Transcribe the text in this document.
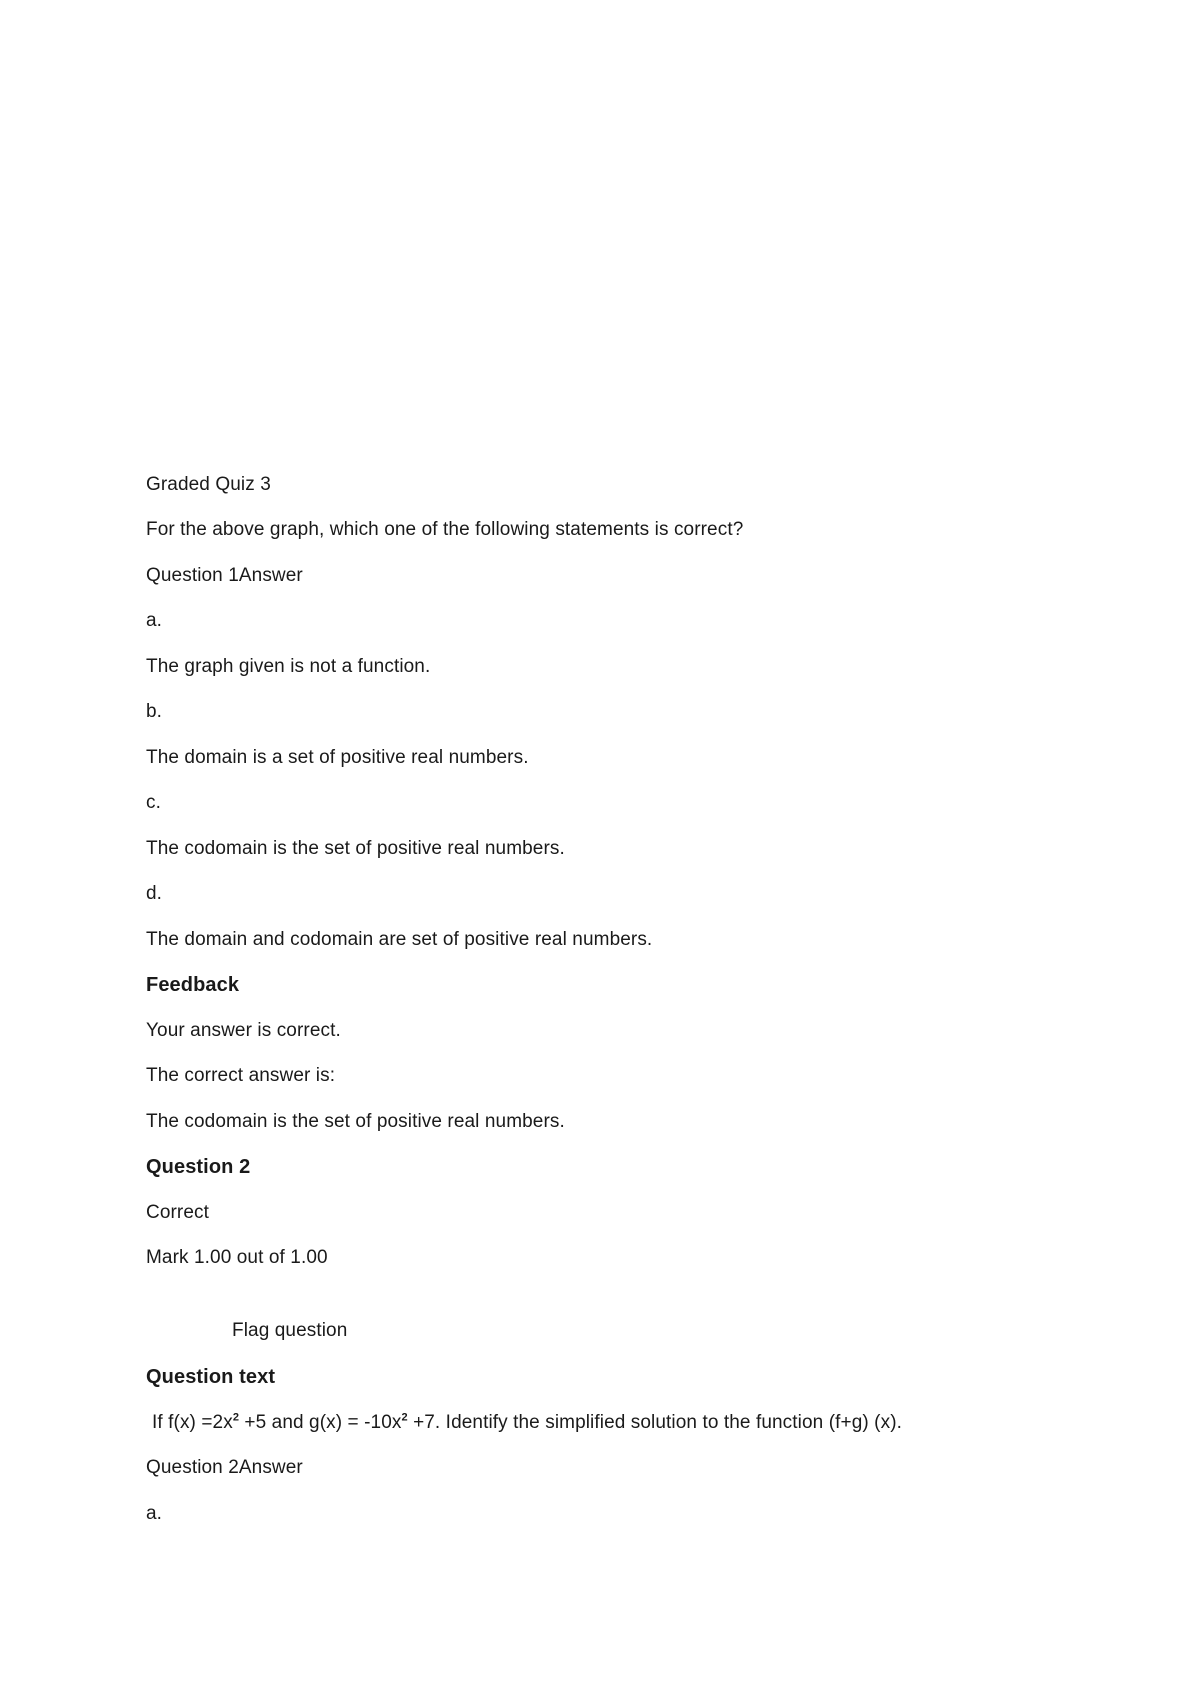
Graded Quiz 3
For the above graph, which one of the following statements is correct?
Question 1Answer
a.
The graph given is not a function.
b.
The domain is a set of positive real numbers.
c.
The codomain is the set of positive real numbers.
d.
The domain and codomain are set of positive real numbers.
Feedback
Your answer is correct.
The correct answer is:
The codomain is the set of positive real numbers.
Question 2
Correct
Mark 1.00 out of 1.00
Flag question
Question text
If $f(x) =2x^2 +5$ and $g(x) = -10x^2 +7$. Identify the simplified solution to the function (f+g) (x).
Question 2Answer
a.
